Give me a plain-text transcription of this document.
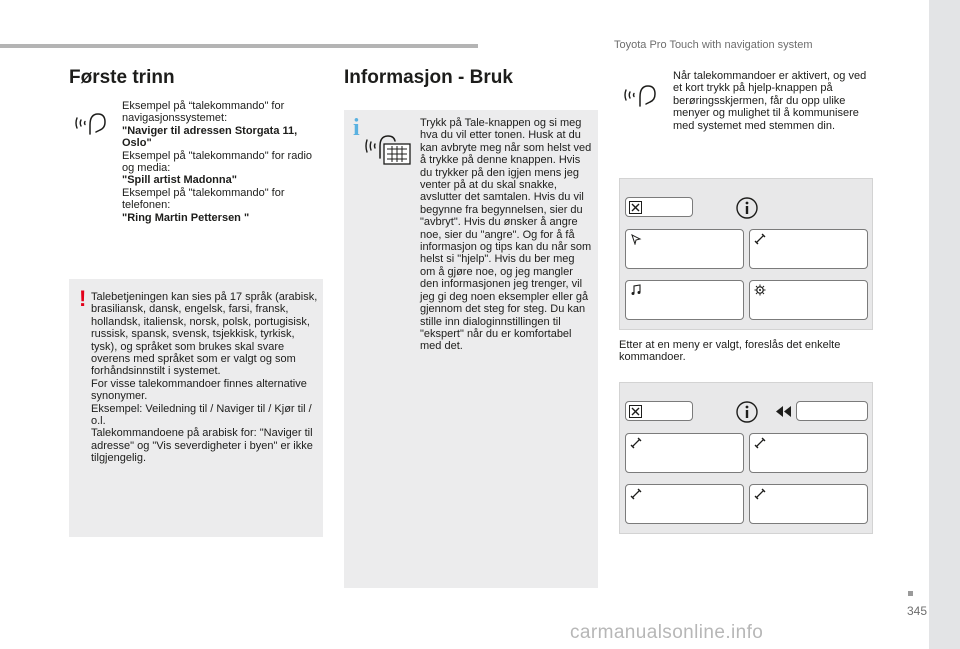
Toyota Pro Touch with navigation system
345
carmanualsonline.info
Første trinn

Eksempel på “talekommando" for navigasjonssystemet:

"Naviger til adressen Storgata 11, Oslo"

Eksempel på "talekommando" for radio og media:

"Spill artist Madonna"

Eksempel på "talekommando" for telefonen:

"Ring Martin Pettersen "

! Talebetjeningen kan sies på 17 språk (arabisk, brasiliansk, dansk, engelsk, farsi, fransk, hollandsk, italiensk, norsk, polsk, portugisisk, russisk, spansk, svensk, tsjekkisk, tyrkisk, tysk), og språket som brukes skal svare overens med språket som er valgt og som forhåndsinnstilt i systemet.

For visse talekommandoer finnes alternative synonymer.

Eksempel: Veiledning til / Naviger til / Kjør til / o.l.

Talekommandoene på arabisk for: "Naviger til adresse" og "Vis severdigheter i byen" er ikke tilgjengelig.

Informasjon - Bruk
i	Trykk på Tale-knappen og si meg hva du vil etter tonen. Husk at du kan avbryte meg når som helst ved å trykke på denne knappen. Hvis du trykker på den igjen mens jeg venter på at du skal snakke, avslutter det samtalen. Hvis du vil begynne fra begynnelsen, sier du "avbryt". Hvis du ønsker å angre noe, sier du "angre". Og for å få informasjon og tips kan du når som helst si "hjelp". Hvis du ber meg om å gjøre noe, og jeg mangler den informasjonen jeg trenger, vil jeg gi deg noen eksempler eller gå gjennom det steg for steg. Du kan stille inn dialoginnstillingen til "ekspert" når du er komfortabel med det.
Når talekommandoer er aktivert, og ved et kort trykk på hjelp-knappen på berøringsskjermen, får du opp ulike menyer og mulighet til å kommunisere med systemet med stemmen din.
Etter at en meny er valgt, foreslås det enkelte kommandoer.
